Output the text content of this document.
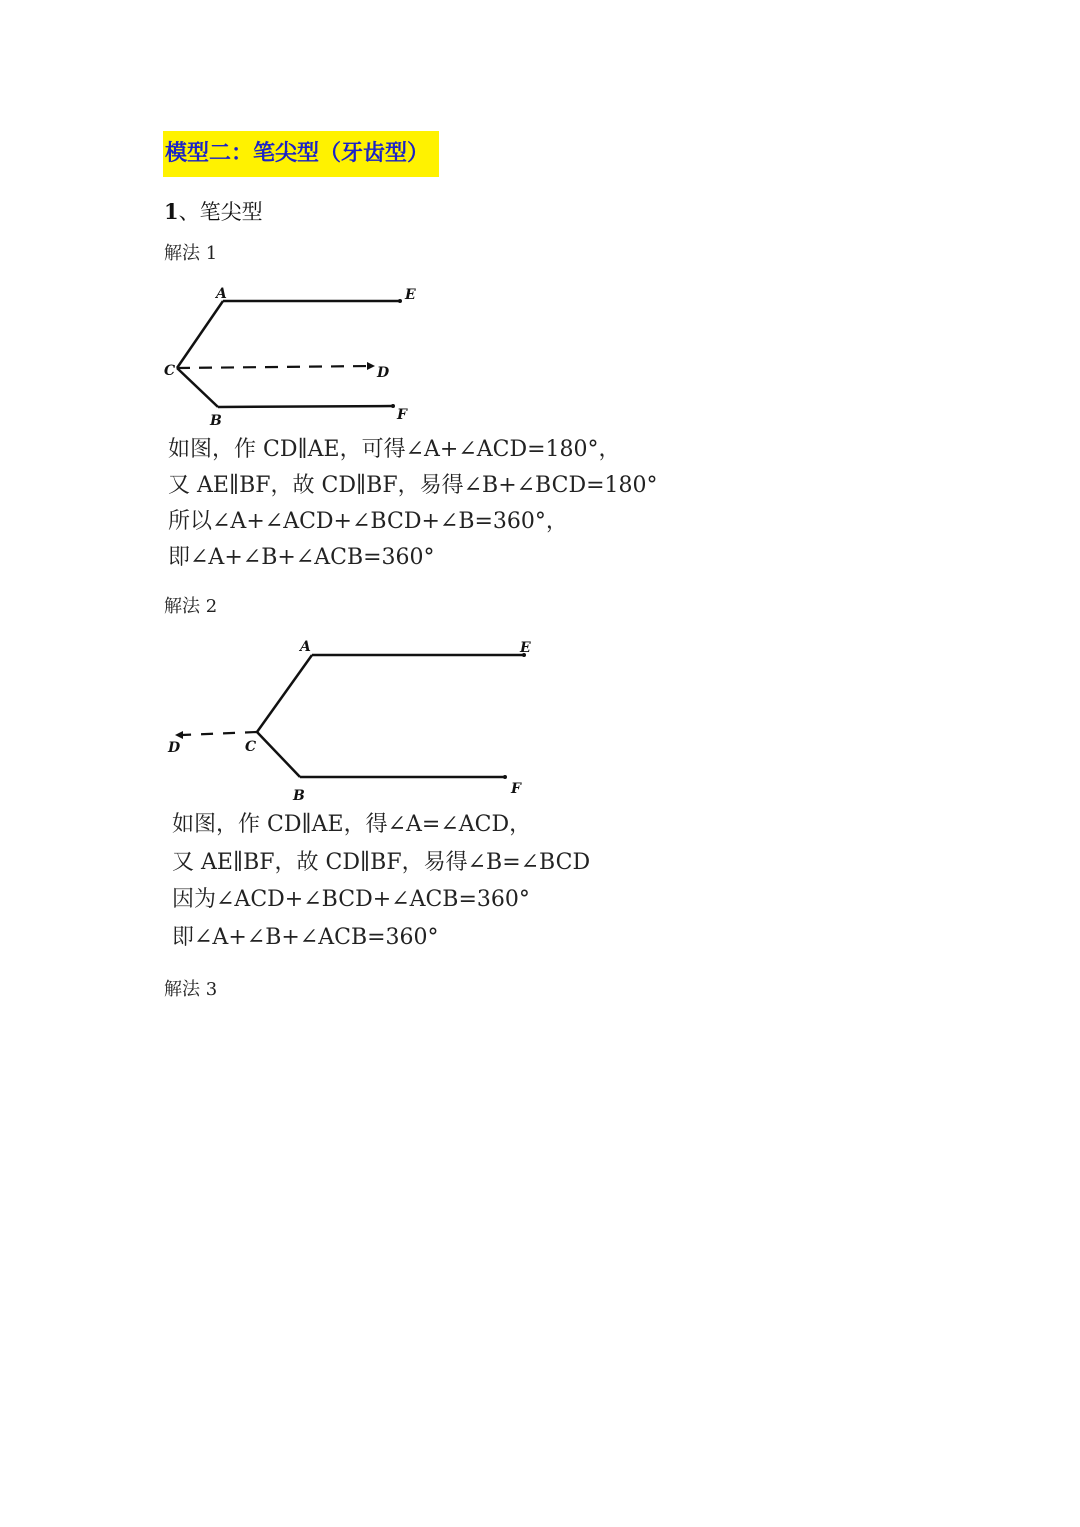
模型二：笔尖型（牙齿型）
1、笔尖型
解法 1
A	E
C	D
B	F
如图，作 CD∥AE，可得∠A+∠ACD=180°，
又 AE∥BF，故 CD∥BF，易得∠B+∠BCD=180°
所以∠A+∠ACD+∠BCD+∠B=360°，
即∠A+∠B+∠ACB=360°
解法 2
A	E
C
D
B	F
如图，作 CD∥AE，得∠A=∠ACD，
又 AE∥BF，故 CD∥BF，易得∠B=∠BCD
因为∠ACD+∠BCD+∠ACB=360°
即∠A+∠B+∠ACB=360°
解法 3
